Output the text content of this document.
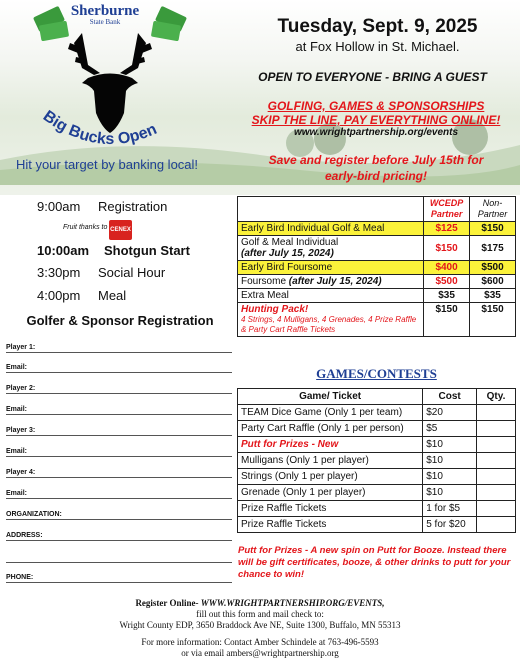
Big Bucks Open
Sherburne
State Bank
Hit your target by banking local!
Tuesday, Sept. 9, 2025
at Fox Hollow in St. Michael.
OPEN TO EVERYONE - BRING A GUEST
GOLFING, GAMES & SPONSORSHIPS
SKIP THE LINE, PAY EVERYTHING ONLINE!
www.wrightpartnership.org/events
Save and register before July 15th for
early-bird pricing!
9:00am Registration
10:00am Shotgun Start
3:30pm Social Hour
4:00pm Meal
Fruit thanks to CENEX
Golfer & Sponsor Registration
Player 1:
Email:
Player 2:
Email:
Player 3:
Email:
Player 4:
Email:
ORGANIZATION:
ADDRESS:
PHONE:
	WCEDP Partner	Non-Partner
Early Bird Individual Golf & Meal	$125	$150

Golf & Meal Individual
(after July 15, 2024)	$150	$175
Early Bird Foursome	$400	$500
Foursome (after July 15, 2024)	$500	$600
Extra Meal	$35	$35

Hunting Pack!
4 Strings, 4 Mulligans, 4 Grenades, 4 Prize Raffle & Party Cart Raffle Tickets	$150	$150
GAMES/CONTESTS
Game/ Ticket	Cost	Qty.
TEAM Dice Game (Only 1 per team)	$20	
Party Cart Raffle (Only 1 per person)	$5	
Putt for Prizes - New	$10	
Mulligans (Only 1 per player)	$10	
Strings (Only 1 per player)	$10	
Grenade (Only 1 per player)	$10	
Prize Raffle Tickets	1 for $5	
Prize Raffle Tickets	5 for $20	
Putt for Prizes - A new spin on Putt for Booze. Instead there will be gift certificates, booze, & other drinks to putt for your chance to win!
Register Online- WWW.WRIGHTPARTNERSHIP.ORG/EVENTS,
fill out this form and mail check to:
Wright County EDP, 3650 Braddock Ave NE, Suite 1300, Buffalo, MN 55313
For more information: Contact Amber Schindele at 763-496-5593
or via email ambers@wrightpartnership.org
